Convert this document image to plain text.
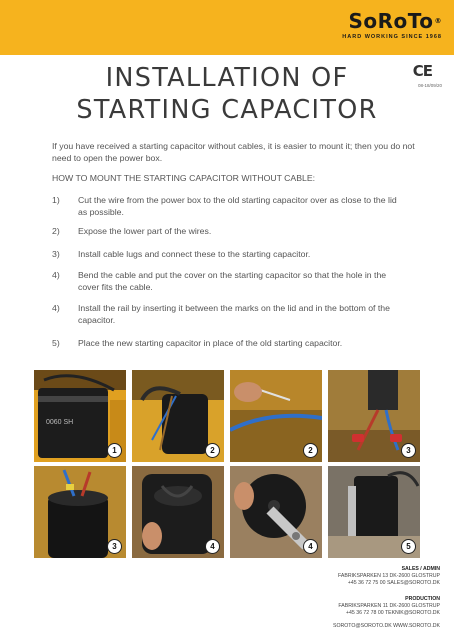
SoRoTo®
HARD WORKING SINCE 1968
CE
08-18/09/20
INSTALLATION OF
STARTING CAPACITOR
If you have received a starting capacitor without cables, it is easier to mount it; then you do not need to open the power box.
HOW TO MOUNT THE STARTING CAPACITOR WITHOUT CABLE:
1)	Cut the wire from the power box to the old starting capacitor over as close to the lid as possible.
2)	Expose the lower part of the wires.
3)	Install cable lugs and connect these to the starting capacitor.
4)	Bend the cable and put the cover on the starting capacitor so that the hole in the cover fits the cable.
4)	Install the rail by inserting it between the marks on the lid and in the bottom of the capacitor.
5)	Place the new starting capacitor in place of the old starting capacitor.
0060 SH
1	2	2	3
3	4	4	5
SALES / ADMIN
FABRIKSPARKEN 13 DK-2600 GLOSTRUP
+45 36 72 75 00 SALES@SOROTO.DK
PRODUCTION
FABRIKSPARKEN 11 DK-2600 GLOSTRUP
+45 36 72 78 00 TEKNIK@SOROTO.DK
SOROTO@SOROTO.DK WWW.SOROTO.DK
